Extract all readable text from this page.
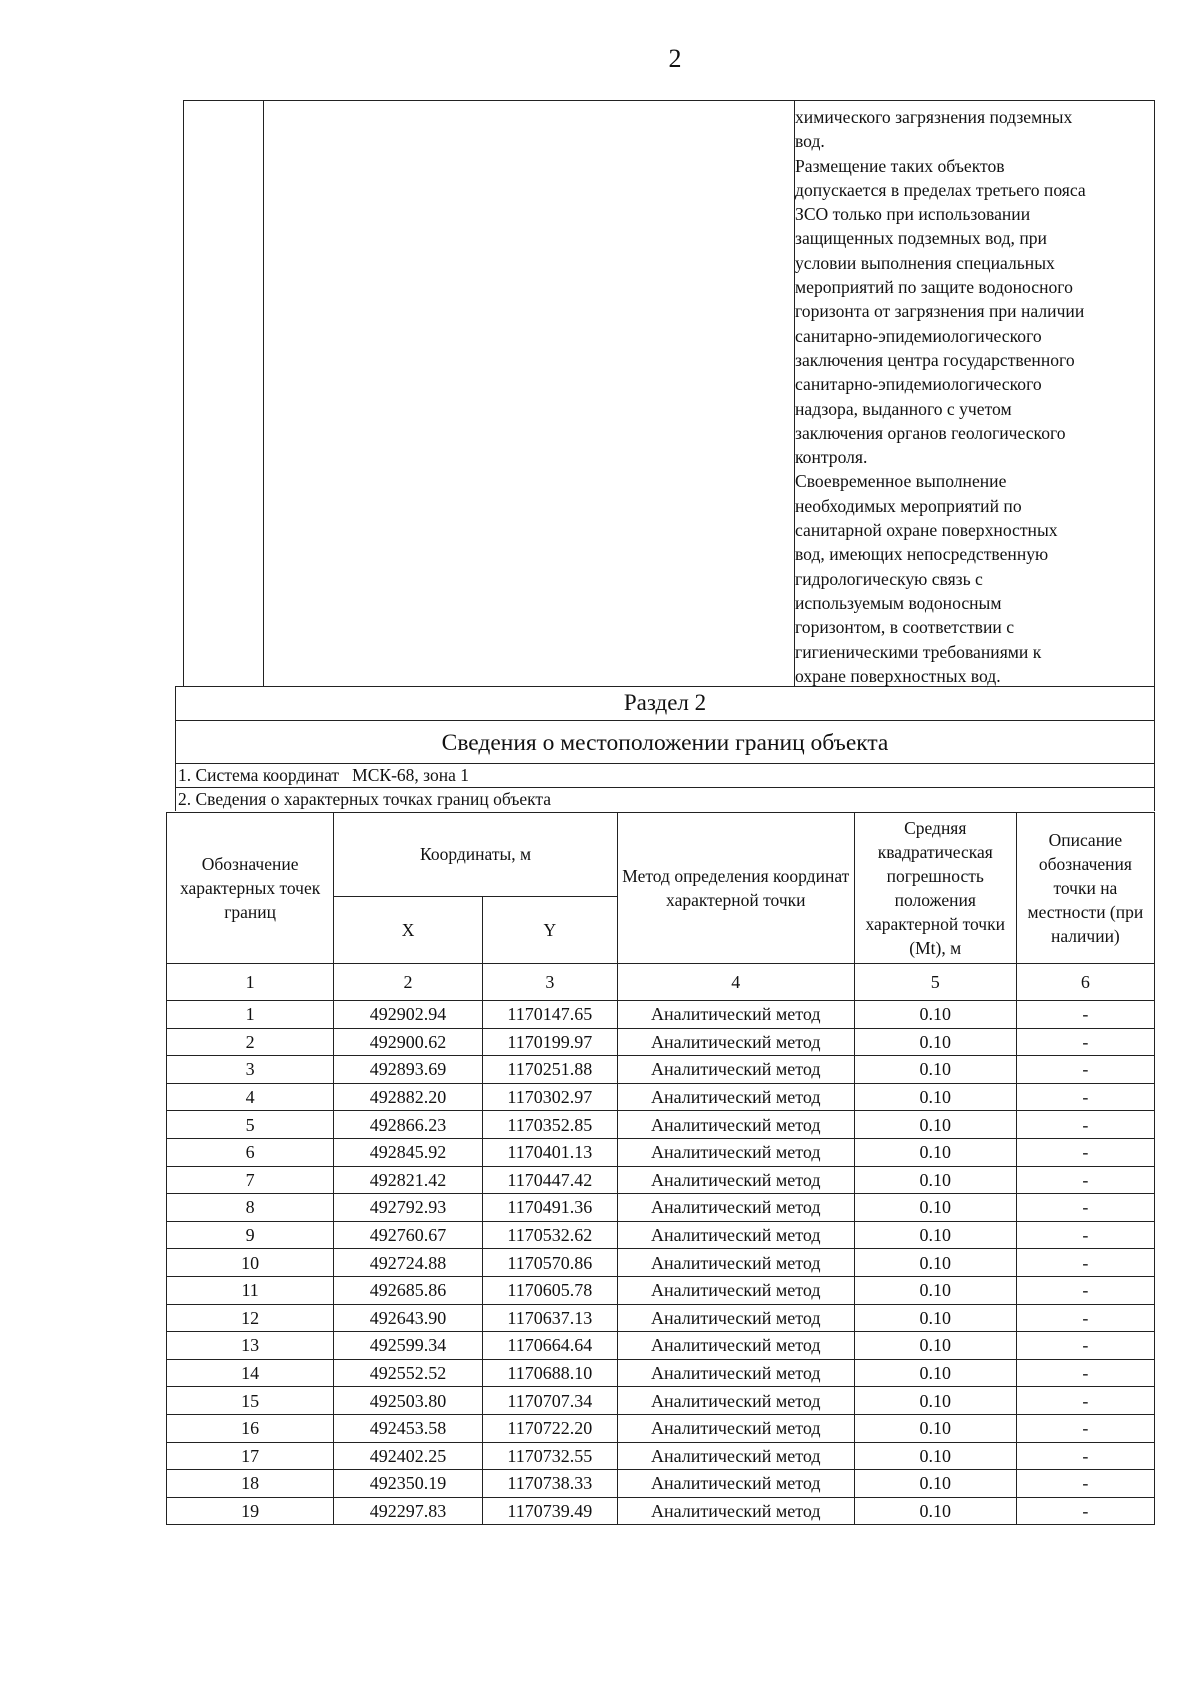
2

химического загрязнения подземных

вод.

Размещение таких объектов

допускается в пределах третьего пояса

ЗСО только при использовании

защищенных подземных вод, при

условии выполнения специальных

мероприятий по защите водоносного

горизонта от загрязнения при наличии

санитарно-эпидемиологического

заключения центра государственного

санитарно-эпидемиологического

надзора, выданного с учетом

заключения органов геологического

контроля.

Своевременное выполнение

необходимых мероприятий по

санитарной охране поверхностных

вод, имеющих непосредственную

гидрологическую связь с

используемым водоносным

горизонтом, в соответствии с

гигиеническими требованиями к

охране поверхностных вод.

Раздел 2
Сведения о местоположении границ объекта
1. Система координат МСК-68, зона 1
2. Сведения о характерных точках границ объекта
Обозначение характерных точек границ	Координаты, м		Метод определения координат характерной точки	Средняя квадратическая погрешность положения характерной точки (Mt), м	Описание обозначения точки на местности (при наличии)
	X	Y			
1	2	3	4	5	6
1	492902.94	1170147.65	Аналитический метод	0.10	-
2	492900.62	1170199.97	Аналитический метод	0.10	-
3	492893.69	1170251.88	Аналитический метод	0.10	-
4	492882.20	1170302.97	Аналитический метод	0.10	-
5	492866.23	1170352.85	Аналитический метод	0.10	-
6	492845.92	1170401.13	Аналитический метод	0.10	-
7	492821.42	1170447.42	Аналитический метод	0.10	-
8	492792.93	1170491.36	Аналитический метод	0.10	-
9	492760.67	1170532.62	Аналитический метод	0.10	-
10	492724.88	1170570.86	Аналитический метод	0.10	-
11	492685.86	1170605.78	Аналитический метод	0.10	-
12	492643.90	1170637.13	Аналитический метод	0.10	-
13	492599.34	1170664.64	Аналитический метод	0.10	-
14	492552.52	1170688.10	Аналитический метод	0.10	-
15	492503.80	1170707.34	Аналитический метод	0.10	-
16	492453.58	1170722.20	Аналитический метод	0.10	-
17	492402.25	1170732.55	Аналитический метод	0.10	-
18	492350.19	1170738.33	Аналитический метод	0.10	-
19	492297.83	1170739.49	Аналитический метод	0.10	-
